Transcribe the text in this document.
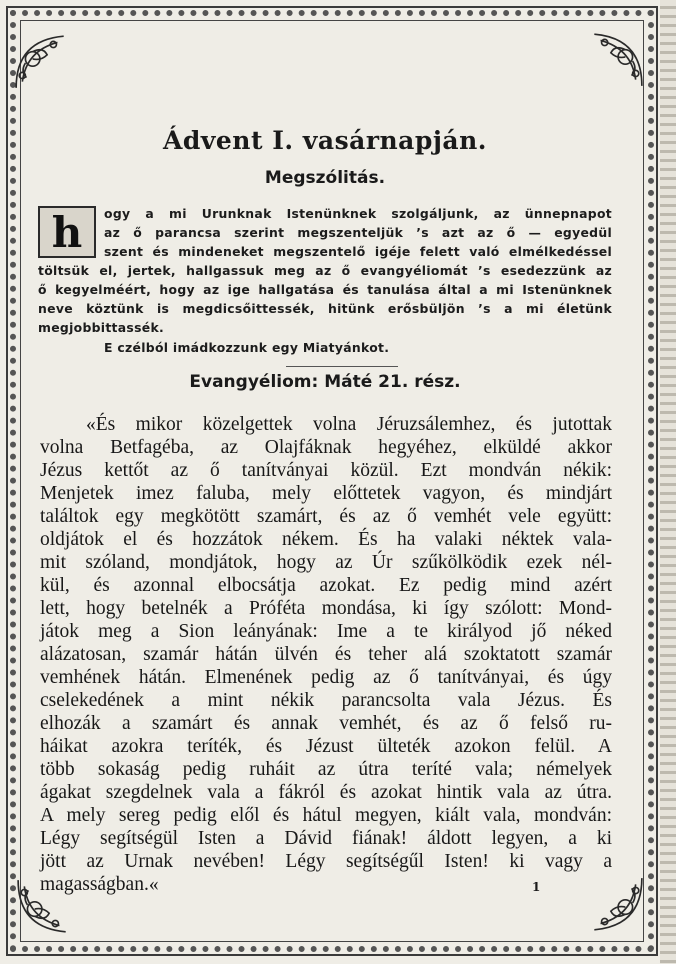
Ádvent I. vasárnapján.
Megszólitás.
h	ogy a mi Urunknak Istenünknek szolgáljunk, az ünnepnapot
az ő parancsa szerint megszenteljük ’s azt az ő — egyedül
szent és mindeneket megszentelő igéje felett való elmélkedéssel
töltsük el, jertek, hallgassuk meg az ő evangyéliomát ’s esedezzünk az
ő kegyelméért, hogy az ige hallgatása és tanulása által a mi Istenünknek
neve köztünk is megdicsőittessék, hitünk erősbüljön ’s a mi életünk
megjobbittassék.
E czélból imádkozzunk egy Miatyánkot.
Evangyéliom: Máté 21. rész.
«És mikor közelgettek volna Jéruzsálemhez, és jutottak
volna Betfagéba, az Olajfáknak hegyéhez, elküldé akkor
Jézus kettőt az ő tanítványai közül. Ezt mondván nékik:
Menjetek imez faluba, mely előttetek vagyon, és mindjárt
találtok egy megkötött szamárt, és az ő vemhét vele együtt:
oldjátok el és hozzátok nékem. És ha valaki néktek vala-
mit szóland, mondjátok, hogy az Úr szűkölködik ezek nél-
kül, és azonnal elbocsátja azokat. Ez pedig mind azért
lett, hogy betelnék a Próféta mondása, ki így szólott: Mond-
játok meg a Sion leányának: Ime a te királyod jő néked
alázatosan, szamár hátán ülvén és teher alá szoktatott szamár
vemhének hátán. Elmenének pedig az ő tanítványai, és úgy
cselekedének a mint nékik parancsolta vala Jézus. És
elhozák a szamárt és annak vemhét, és az ő felső ru-
háikat azokra teríték, és Jézust ülteték azokon felül. A
több sokaság pedig ruháit az útra teríté vala; némelyek
ágakat szegdelnek vala a fákról és azokat hintik vala az útra.
A mely sereg pedig elől és hátul megyen, kiált vala, mondván:
Légy segítségül Isten a Dávid fiának! áldott legyen, a ki
jött az Urnak nevében! Légy segítségűl Isten! ki vagy a
magasságban.«	1
